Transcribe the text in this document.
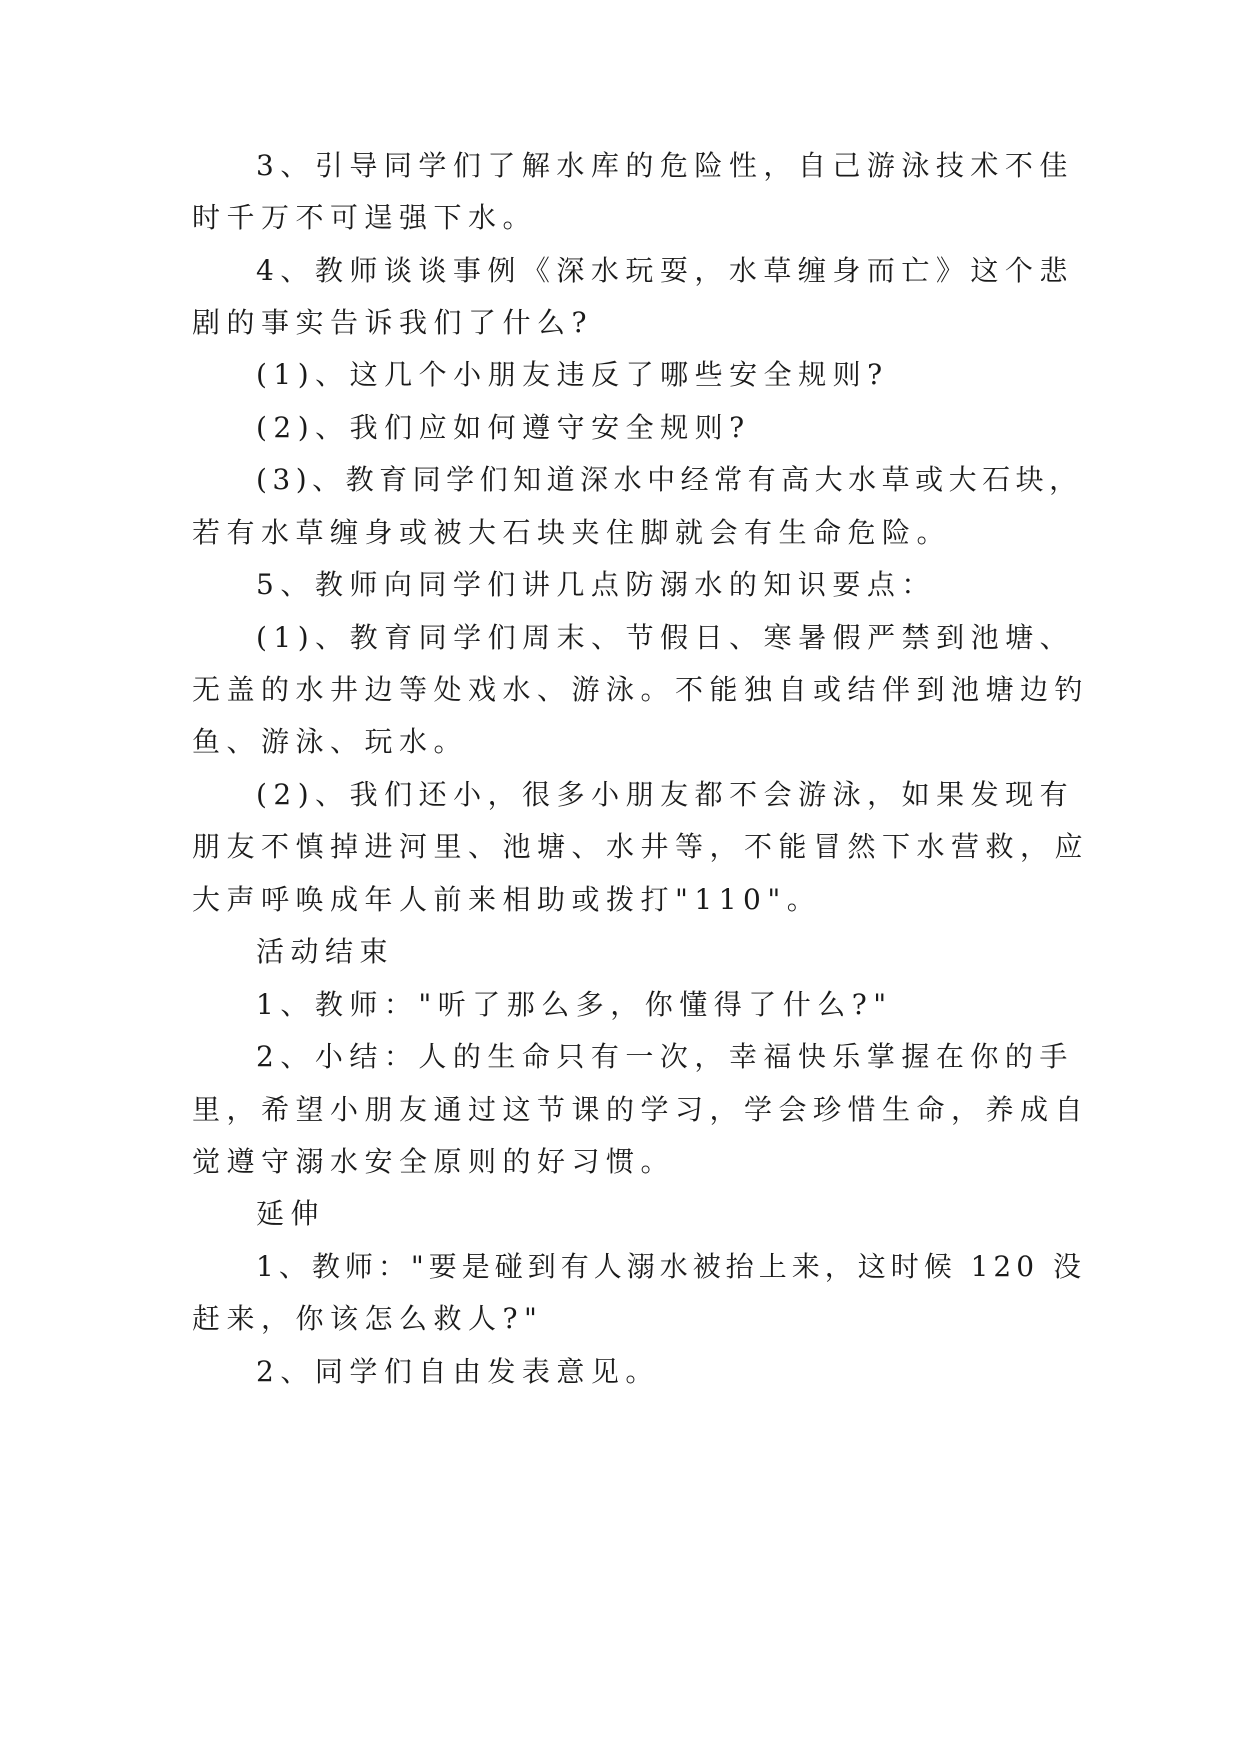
3、引导同学们了解水库的危险性，自己游泳技术不佳
时千万不可逞强下水。
4、教师谈谈事例《深水玩耍，水草缠身而亡》这个悲
剧的事实告诉我们了什么?
(1)、这几个小朋友违反了哪些安全规则?
(2)、我们应如何遵守安全规则?
(3)、教育同学们知道深水中经常有高大水草或大石块，
若有水草缠身或被大石块夹住脚就会有生命危险。
5、教师向同学们讲几点防溺水的知识要点：
(1)、教育同学们周末、节假日、寒暑假严禁到池塘、
无盖的水井边等处戏水、游泳。不能独自或结伴到池塘边钓
鱼、游泳、玩水。
(2)、我们还小，很多小朋友都不会游泳，如果发现有
朋友不慎掉进河里、池塘、水井等，不能冒然下水营救，应
大声呼唤成年人前来相助或拨打"110"。
活动结束
1、教师："听了那么多，你懂得了什么?"
2、小结：人的生命只有一次，幸福快乐掌握在你的手
里，希望小朋友通过这节课的学习，学会珍惜生命，养成自
觉遵守溺水安全原则的好习惯。
延伸
1、教师："要是碰到有人溺水被抬上来，这时候 120 没
赶来，你该怎么救人?"
2、同学们自由发表意见。
